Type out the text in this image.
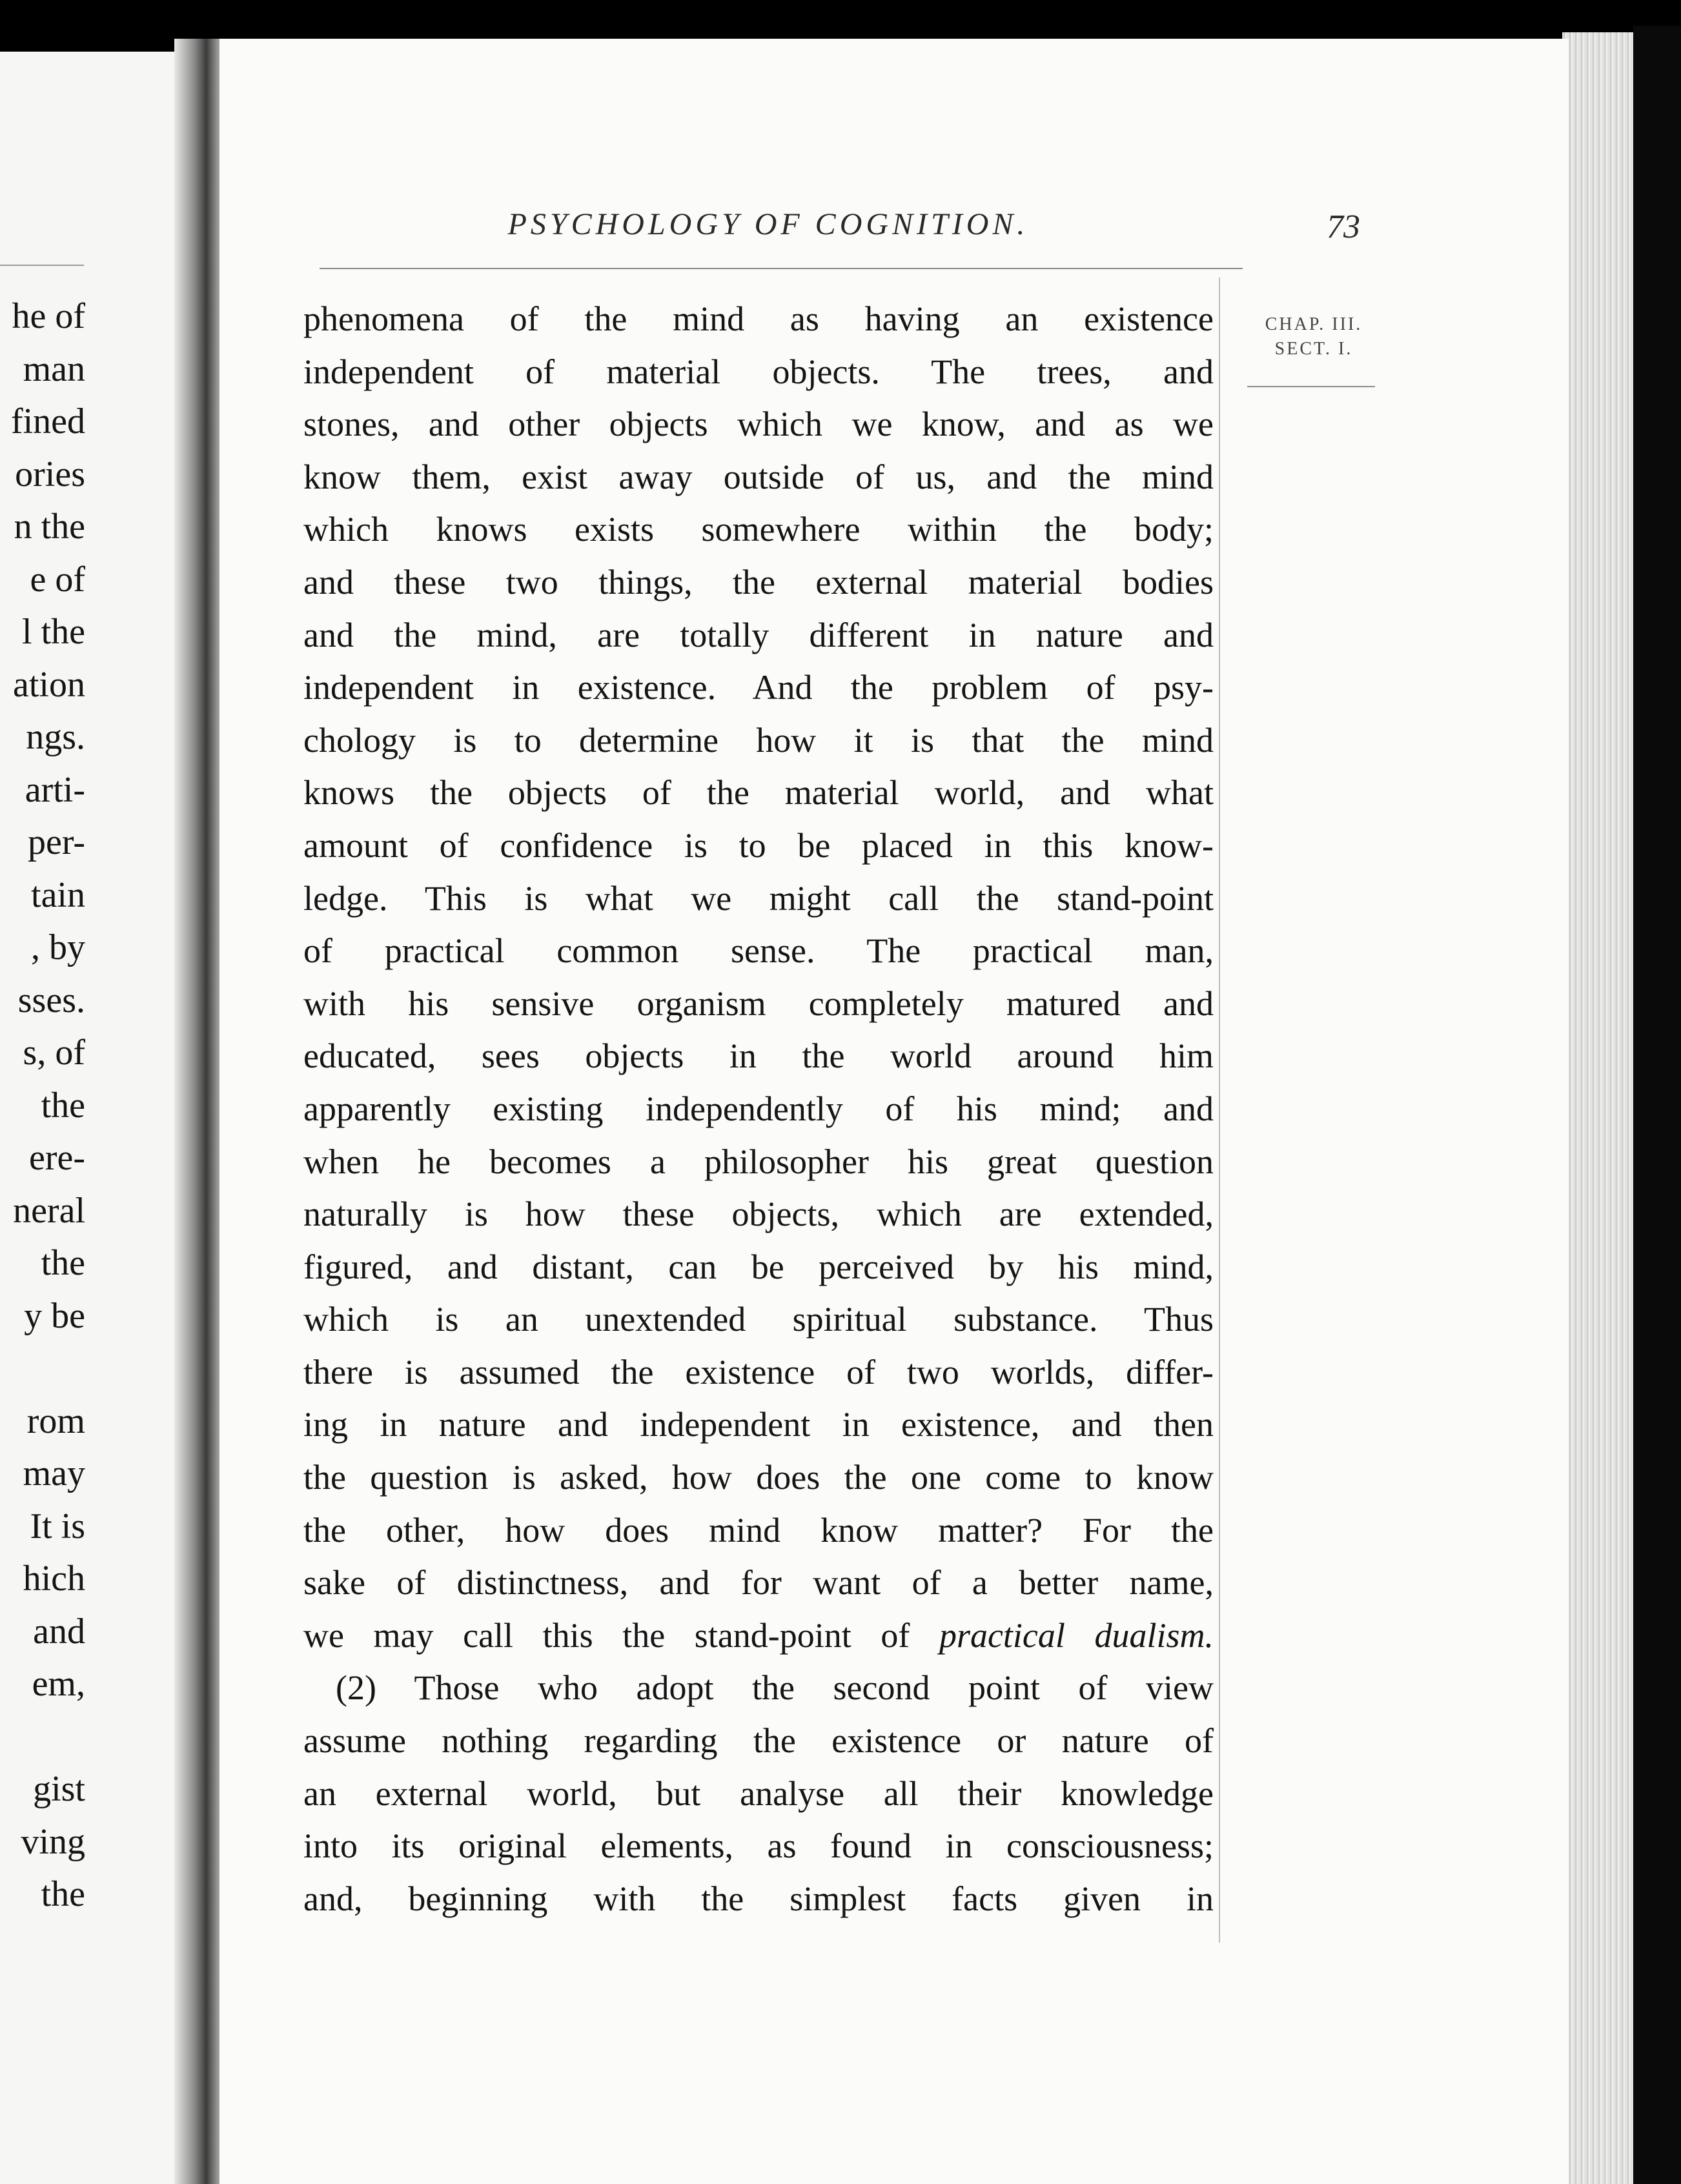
he of
man
fined
ories
n the
e of
l the
ation
ngs.
arti-
per-
tain
, by
sses.
s, of
the
ere-
neral
the
y be
rom
may
It is
hich
and
em,
gist
ving
the
PSYCHOLOGY OF COGNITION.	73
CHAP. III.
SECT. I.
phenomena of the mind as having an existence
independent of material objects. The trees, and
stones, and other objects which we know, and as we
know them, exist away outside of us, and the mind
which knows exists somewhere within the body;
and these two things, the external material bodies
and the mind, are totally different in nature and
independent in existence. And the problem of psy-
chology is to determine how it is that the mind
knows the objects of the material world, and what
amount of confidence is to be placed in this know-
ledge. This is what we might call the stand-point
of practical common sense. The practical man,
with his sensive organism completely matured and
educated, sees objects in the world around him
apparently existing independently of his mind; and
when he becomes a philosopher his great question
naturally is how these objects, which are extended,
figured, and distant, can be perceived by his mind,
which is an unextended spiritual substance. Thus
there is assumed the existence of two worlds, differ-
ing in nature and independent in existence, and then
the question is asked, how does the one come to know
the other, how does mind know matter? For the
sake of distinctness, and for want of a better name,
we may call this the stand-point of practical dualism.
(2) Those who adopt the second point of view
assume nothing regarding the existence or nature of
an external world, but analyse all their knowledge
into its original elements, as found in consciousness;
and, beginning with the simplest facts given in
